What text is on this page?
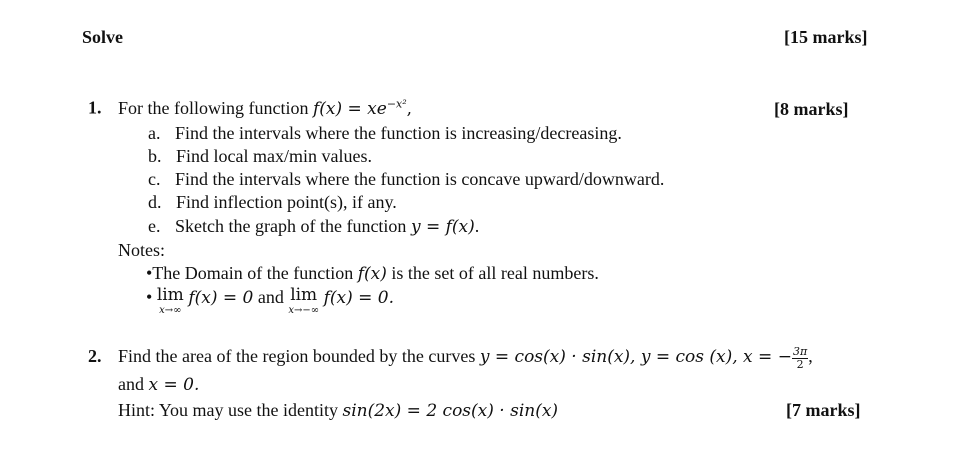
Solve	[15 marks]
1. For the following function $f(x) = xe^{-x^2}$,	[8 marks]
a. Find the intervals where the function is increasing/decreasing.
b. Find local max/min values.
c. Find the intervals where the function is concave upward/downward.
d. Find inflection point(s), if any.
e. Sketch the graph of the function y = f(x).
Notes:
•The Domain of the function f(x) is the set of all real numbers.
• lim
x→∞
f(x) = 0 and lim
x→−∞
f(x) = 0.
2. Find the area of the region bounded by the curves y = cos(x) · sin(x), y = cos (x), x = − $\frac{3\pi}{2}$ ,
and x = 0.
Hint: You may use the identity sin(2x) = 2 cos(x) · sin(x)	[7 marks]
